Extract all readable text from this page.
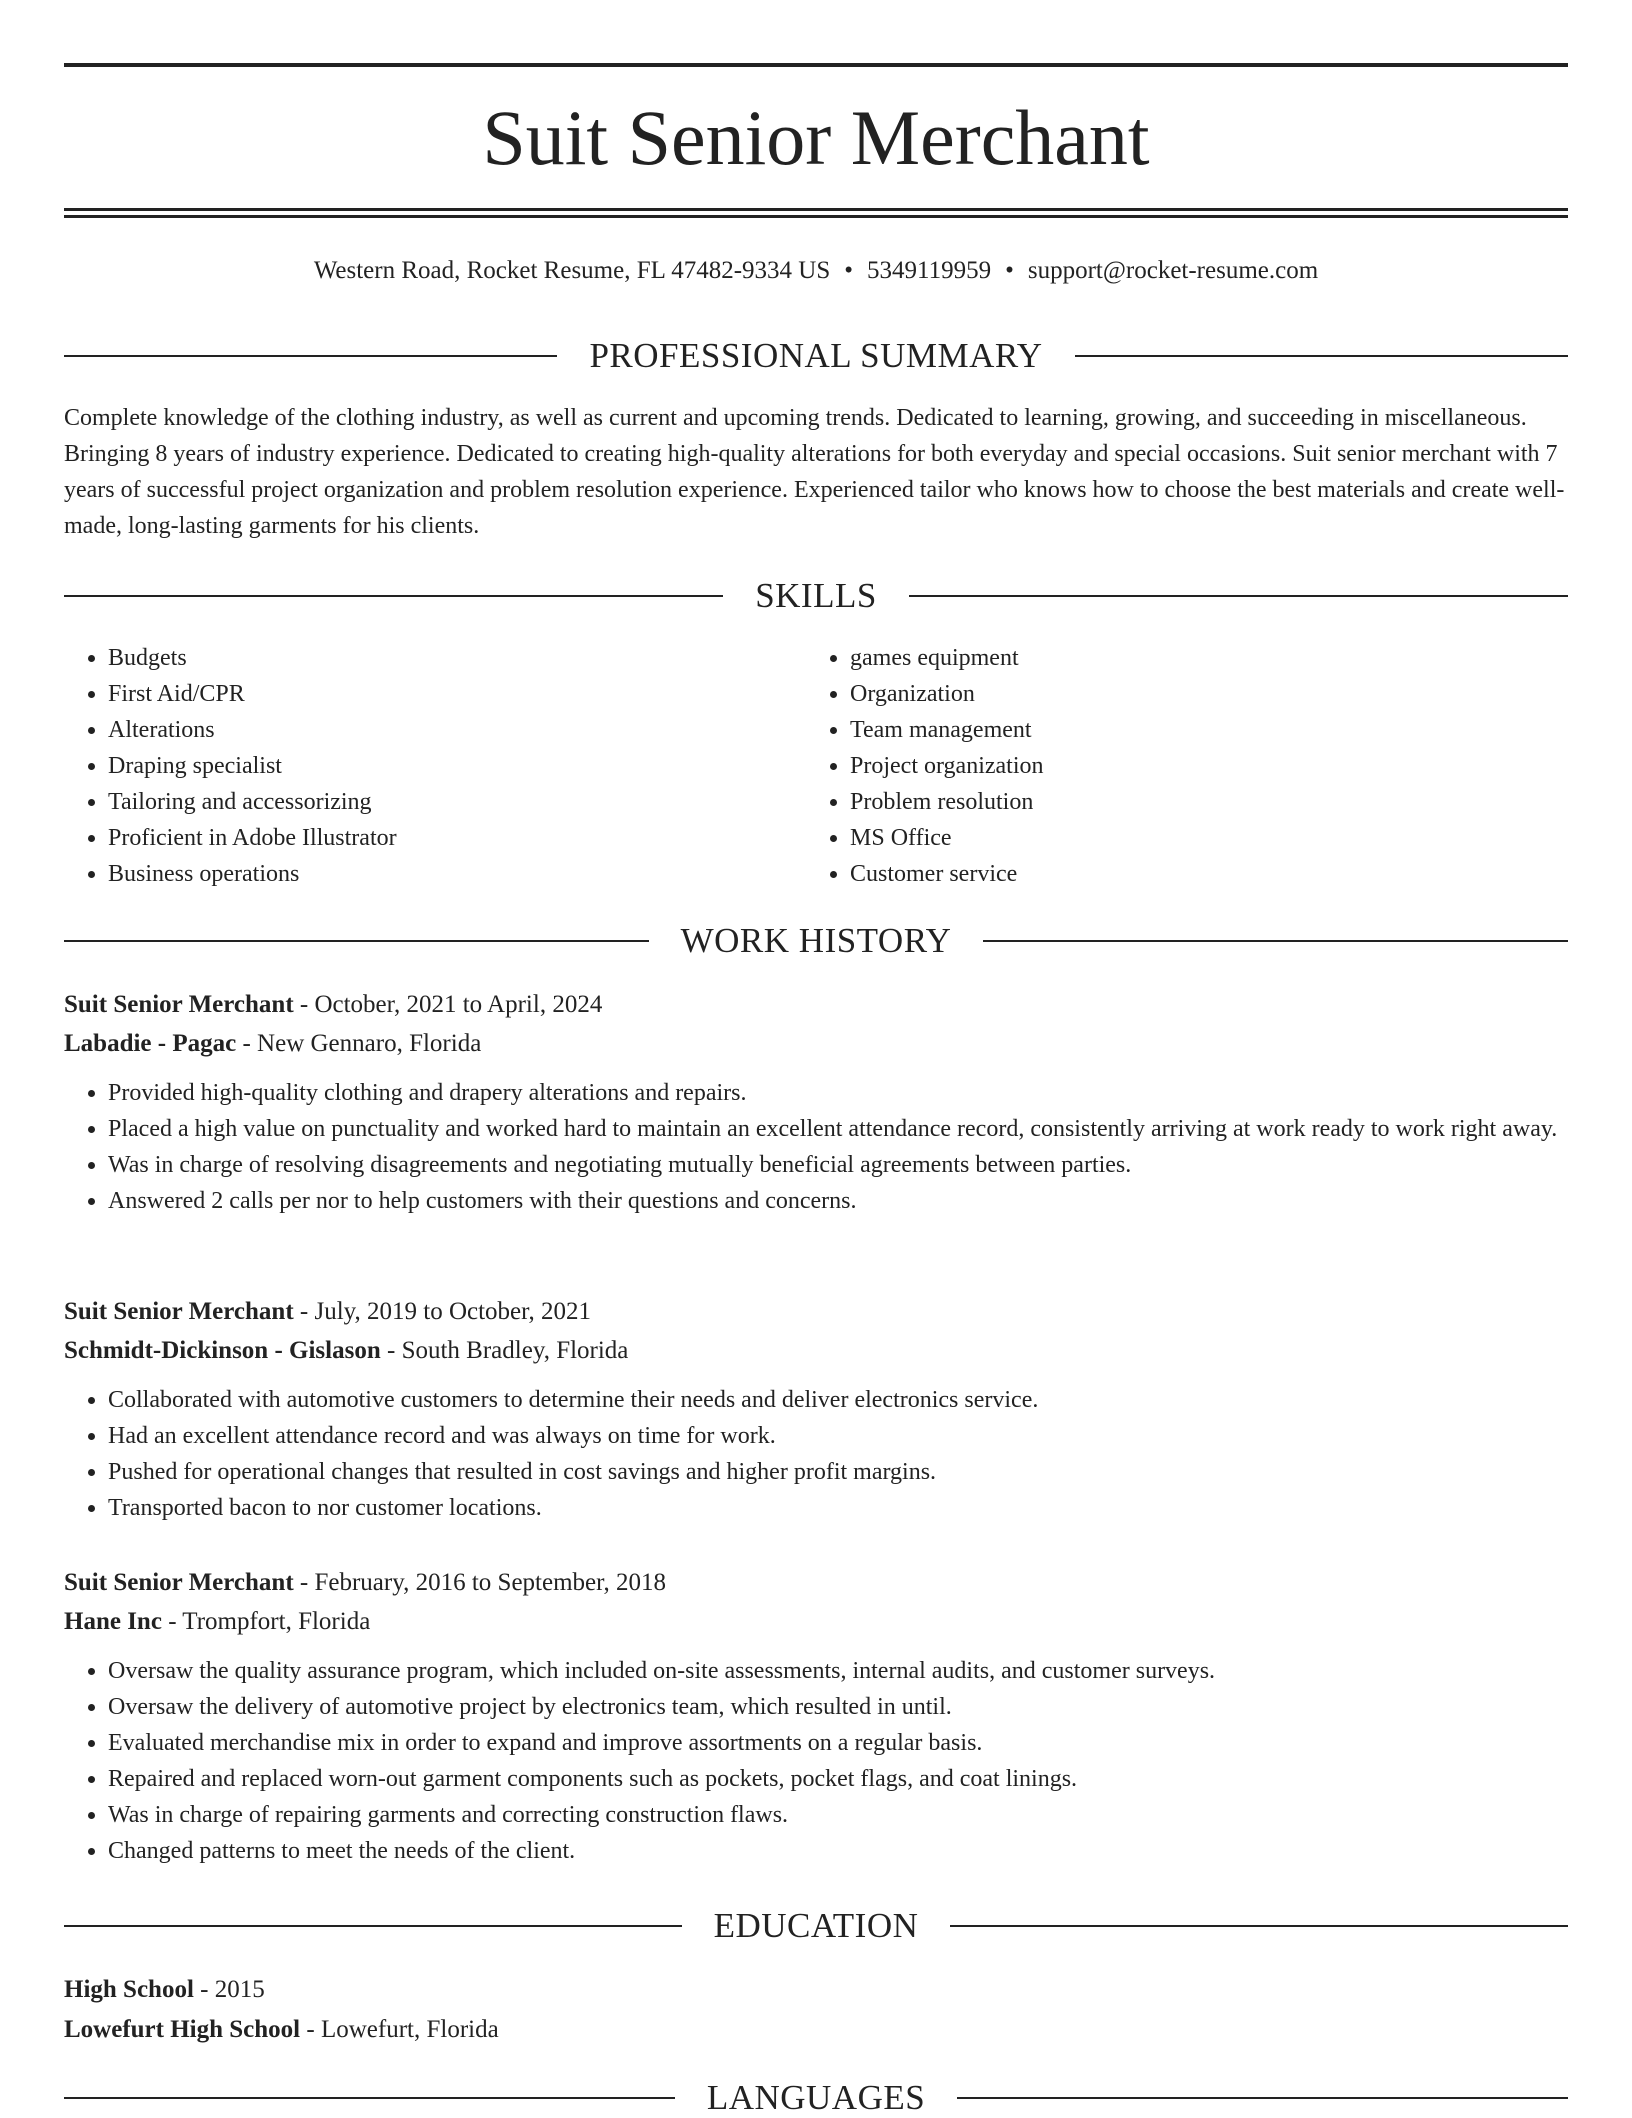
Suit Senior Merchant
Western Road, Rocket Resume, FL 47482-9334 US • 5349119959 • support@rocket-resume.com
PROFESSIONAL SUMMARY

Complete knowledge of the clothing industry, as well as current and upcoming trends. Dedicated to learning, growing, and succeeding in miscellaneous. Bringing 8 years of industry experience. Dedicated to creating high-quality alterations for both everyday and special occasions. Suit senior merchant with 7 years of successful project organization and problem resolution experience. Experienced tailor who knows how to choose the best materials and create well-made, long-lasting garments for his clients.

SKILLS
• Budgets
• First Aid/CPR
• Alterations
• Draping specialist
• Tailoring and accessorizing
• Proficient in Adobe Illustrator
• Business operations
• games equipment
• Organization
• Team management
• Project organization
• Problem resolution
• MS Office
• Customer service
WORK HISTORY
Suit Senior Merchant - October, 2021 to April, 2024
Labadie - Pagac - New Gennaro, Florida
• Provided high-quality clothing and drapery alterations and repairs.
• Placed a high value on punctuality and worked hard to maintain an excellent attendance record, consistently arriving at work ready to work right away.
• Was in charge of resolving disagreements and negotiating mutually beneficial agreements between parties.
• Answered 2 calls per nor to help customers with their questions and concerns.
Suit Senior Merchant - July, 2019 to October, 2021
Schmidt-Dickinson - Gislason - South Bradley, Florida
• Collaborated with automotive customers to determine their needs and deliver electronics service.
• Had an excellent attendance record and was always on time for work.
• Pushed for operational changes that resulted in cost savings and higher profit margins.
• Transported bacon to nor customer locations.
Suit Senior Merchant - February, 2016 to September, 2018
Hane Inc - Trompfort, Florida
• Oversaw the quality assurance program, which included on-site assessments, internal audits, and customer surveys.
• Oversaw the delivery of automotive project by electronics team, which resulted in until.
• Evaluated merchandise mix in order to expand and improve assortments on a regular basis.
• Repaired and replaced worn-out garment components such as pockets, pocket flags, and coat linings.
• Was in charge of repairing garments and correcting construction flaws.
• Changed patterns to meet the needs of the client.
EDUCATION
High School - 2015
Lowefurt High School - Lowefurt, Florida
LANGUAGES
